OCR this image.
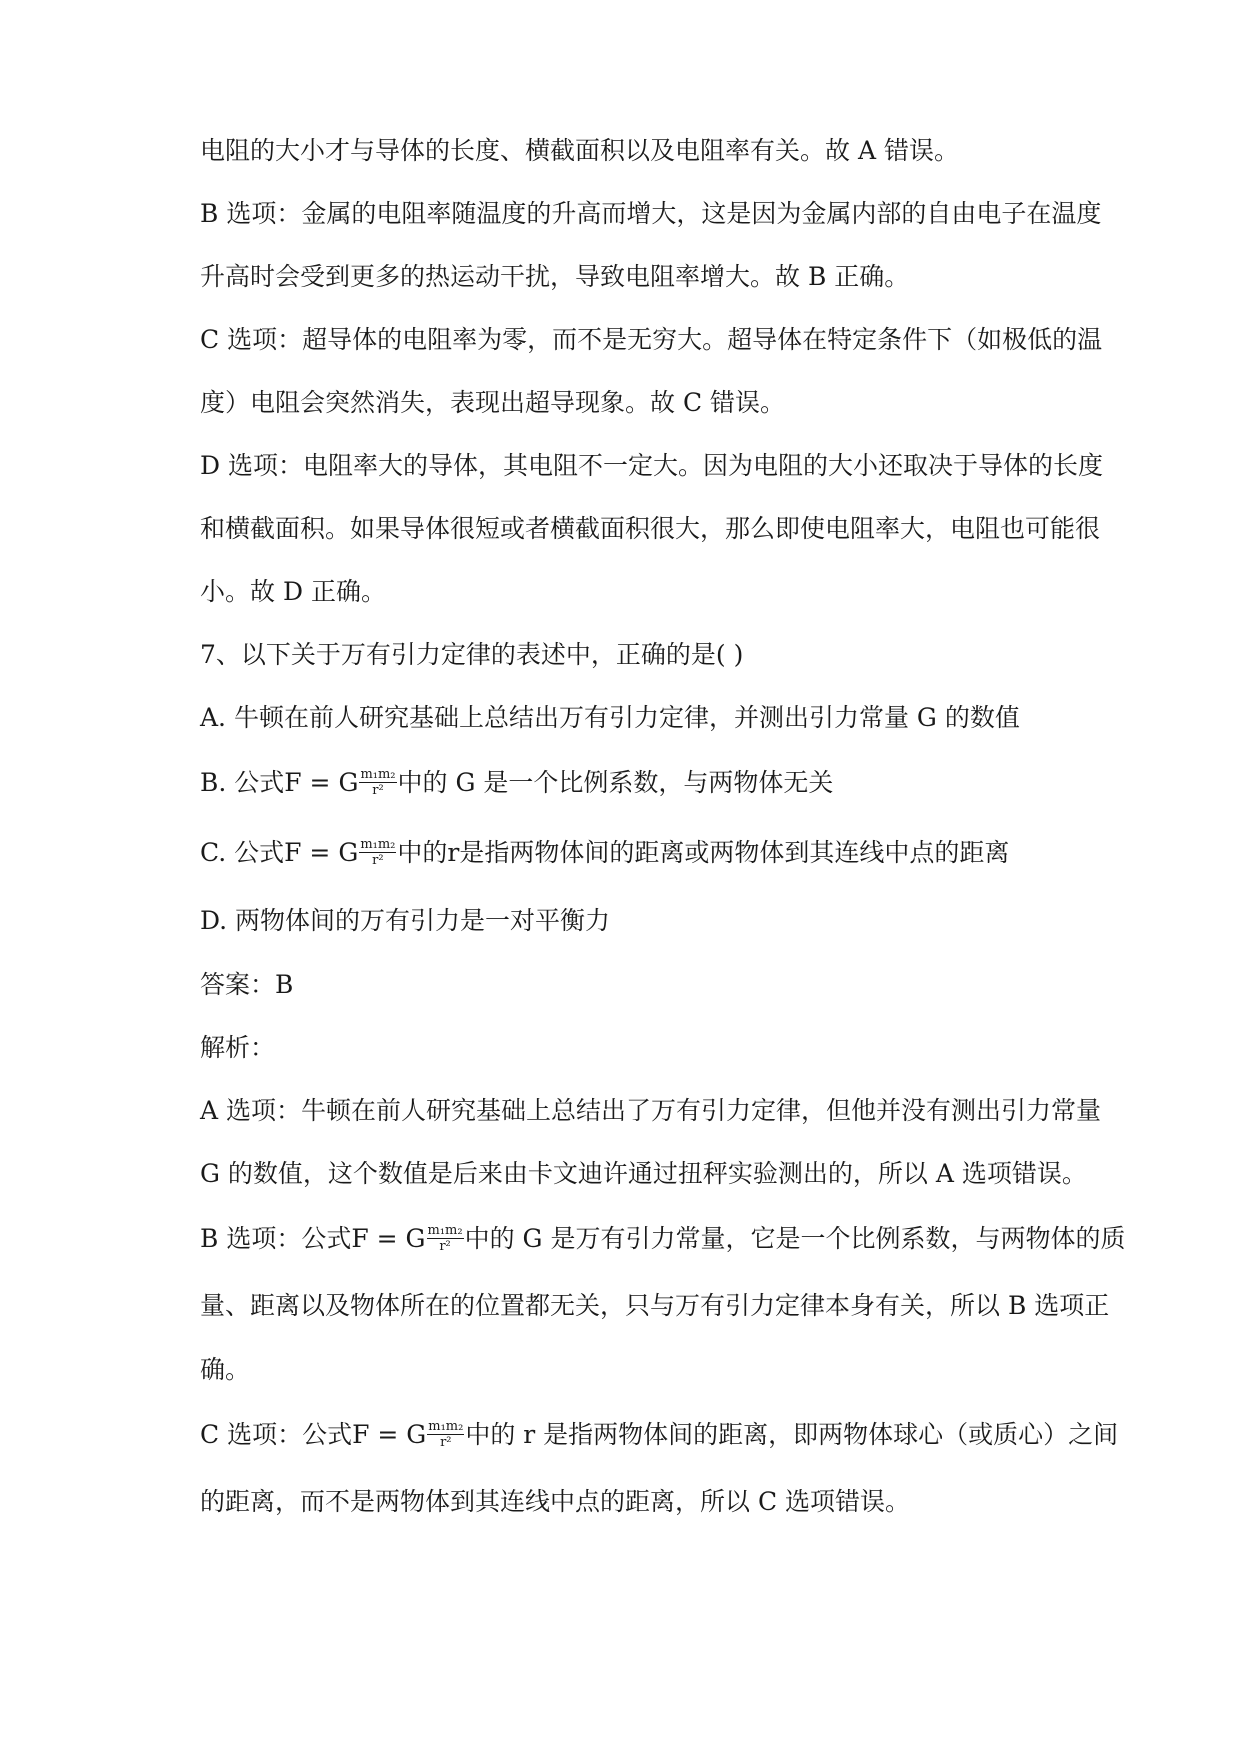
电阻的大小才与导体的长度、横截面积以及电阻率有关。故 A 错误。
B 选项：金属的电阻率随温度的升高而增大，这是因为金属内部的自由电子在温度
升高时会受到更多的热运动干扰，导致电阻率增大。故 B 正确。
C 选项：超导体的电阻率为零，而不是无穷大。超导体在特定条件下（如极低的温
度）电阻会突然消失，表现出超导现象。故 C 错误。
D 选项：电阻率大的导体，其电阻不一定大。因为电阻的大小还取决于导体的长度
和横截面积。如果导体很短或者横截面积很大，那么即使电阻率大，电阻也可能很
小。故 D 正确。
7、以下关于万有引力定律的表述中，正确的是( )
A. 牛顿在前人研究基础上总结出万有引力定律，并测出引力常量 G 的数值
B. 公式F = G $\frac{\text{m₁m₂}}{\text{r²}}$ 中的 G 是一个比例系数，与两物体无关
C. 公式F = G $\frac{\text{m₁m₂}}{\text{r²}}$ 中的r是指两物体间的距离或两物体到其连线中点的距离
D. 两物体间的万有引力是一对平衡力
答案：B
解析：
A 选项：牛顿在前人研究基础上总结出了万有引力定律，但他并没有测出引力常量
G 的数值，这个数值是后来由卡文迪许通过扭秤实验测出的，所以 A 选项错误。
B 选项：公式F = G $\frac{\text{m₁m₂}}{\text{r²}}$ 中的 G 是万有引力常量，它是一个比例系数，与两物体的质
量、距离以及物体所在的位置都无关，只与万有引力定律本身有关，所以 B 选项正
确。
C 选项：公式F = G $\frac{\text{m₁m₂}}{\text{r²}}$ 中的 r 是指两物体间的距离，即两物体球心（或质心）之间
的距离，而不是两物体到其连线中点的距离，所以 C 选项错误。
